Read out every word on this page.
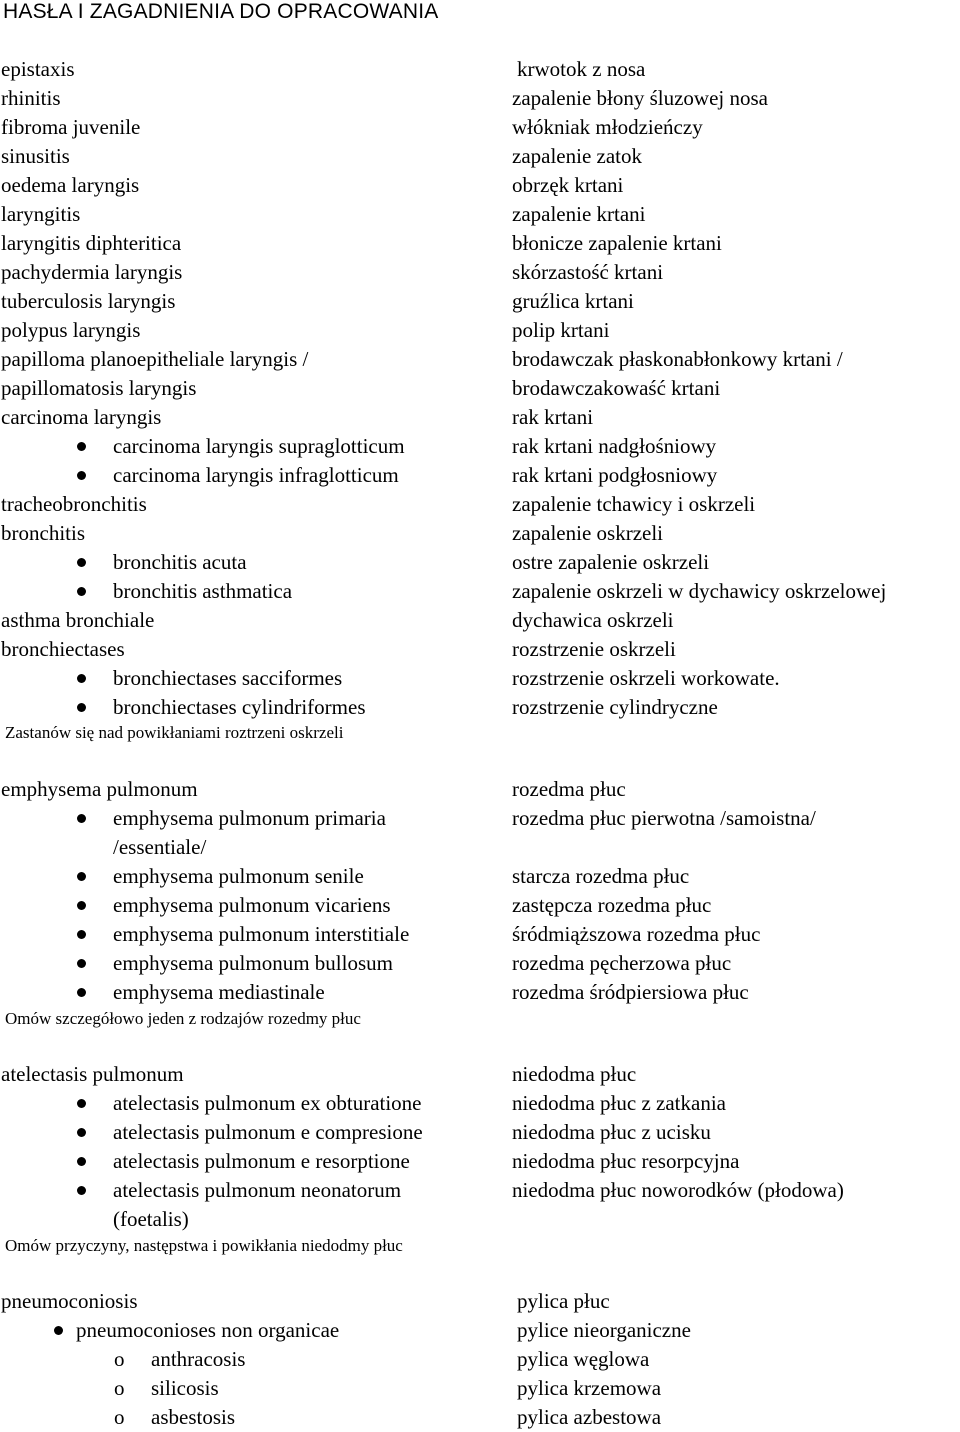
HASŁA I ZAGADNIENIA DO OPRACOWANIA
epistaxis	krwotok z nosa
rhinitis	zapalenie błony śluzowej nosa
fibroma juvenile	włókniak młodzieńczy
sinusitis	zapalenie zatok
oedema laryngis	obrzęk krtani
laryngitis	zapalenie krtani
laryngitis diphteritica	błonicze zapalenie krtani
pachydermia laryngis	skórzastość krtani
tuberculosis laryngis	gruźlica krtani
polypus laryngis	polip krtani
papilloma planoepitheliale laryngis /	brodawczak płaskonabłonkowy krtani /
papillomatosis laryngis	brodawczakowaść krtani
carcinoma laryngis	rak krtani
carcinoma laryngis supraglotticum	rak krtani nadgłośniowy
carcinoma laryngis infraglotticum	rak krtani podgłosniowy
tracheobronchitis	zapalenie tchawicy i oskrzeli
bronchitis	zapalenie oskrzeli
bronchitis acuta	ostre zapalenie oskrzeli
bronchitis asthmatica	zapalenie oskrzeli w dychawicy oskrzelowej
asthma bronchiale	dychawica oskrzeli
bronchiectases	rozstrzenie oskrzeli
bronchiectases sacciformes	rozstrzenie oskrzeli workowate.
bronchiectases cylindriformes	rozstrzenie cylindryczne
Zastanów się nad powikłaniami roztrzeni oskrzeli
emphysema pulmonum	rozedma płuc
emphysema pulmonum primaria	rozedma płuc pierwotna /samoistna/
/essentiale/
emphysema pulmonum senile	starcza rozedma płuc
emphysema pulmonum vicariens	zastępcza rozedma płuc
emphysema pulmonum interstitiale	śródmiąższowa rozedma płuc
emphysema pulmonum bullosum	rozedma pęcherzowa płuc
emphysema mediastinale	rozedma śródpiersiowa płuc
Omów szczegółowo jeden z rodzajów rozedmy płuc
atelectasis pulmonum	niedodma płuc
atelectasis pulmonum ex obturatione	niedodma płuc z zatkania
atelectasis pulmonum e compresione	niedodma płuc z ucisku
atelectasis pulmonum e resorptione	niedodma płuc resorpcyjna
atelectasis pulmonum neonatorum	niedodma płuc noworodków (płodowa)
(foetalis)
Omów przyczyny, następstwa i powikłania niedodmy płuc
pneumoconiosis	pylica płuc
pneumoconioses non organicae	pylice nieorganiczne
o anthracosis	pylica węglowa
o silicosis	pylica krzemowa
o asbestosis	pylica azbestowa
